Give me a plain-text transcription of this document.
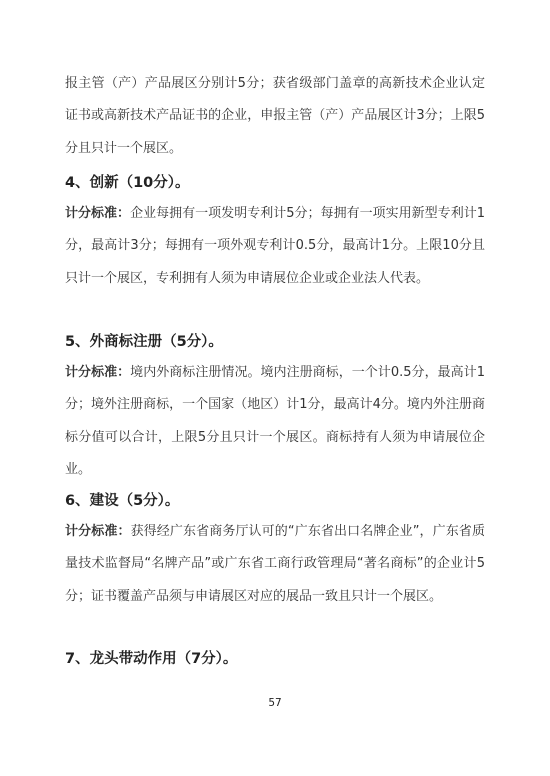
报主管（产）产品展区分别计5分；获省级部门盖章的高新技术企业认定证书或高新技术产品证书的企业，申报主管（产）产品展区计3分；上限5分且只计一个展区。

4、创新（10分）。

计分标准：企业每拥有一项发明专利计5分；每拥有一项实用新型专利计1分，最高计3分；每拥有一项外观专利计0.5分，最高计1分。上限10分且只计一个展区，专利拥有人须为申请展位企业或企业法人代表。

5、外商标注册（5分）。

计分标准：境内外商标注册情况。境内注册商标，一个计0.5分，最高计1分；境外注册商标，一个国家（地区）计1分，最高计4分。境内外注册商标分值可以合计，上限5分且只计一个展区。商标持有人须为申请展位企业。

6、建设（5分）。

计分标准：获得经广东省商务厅认可的“广东省出口名牌企业”，广东省质量技术监督局“名牌产品”或广东省工商行政管理局“著名商标”的企业计5分；证书覆盖产品须与申请展区对应的展品一致且只计一个展区。

7、龙头带动作用（7分）。
57
